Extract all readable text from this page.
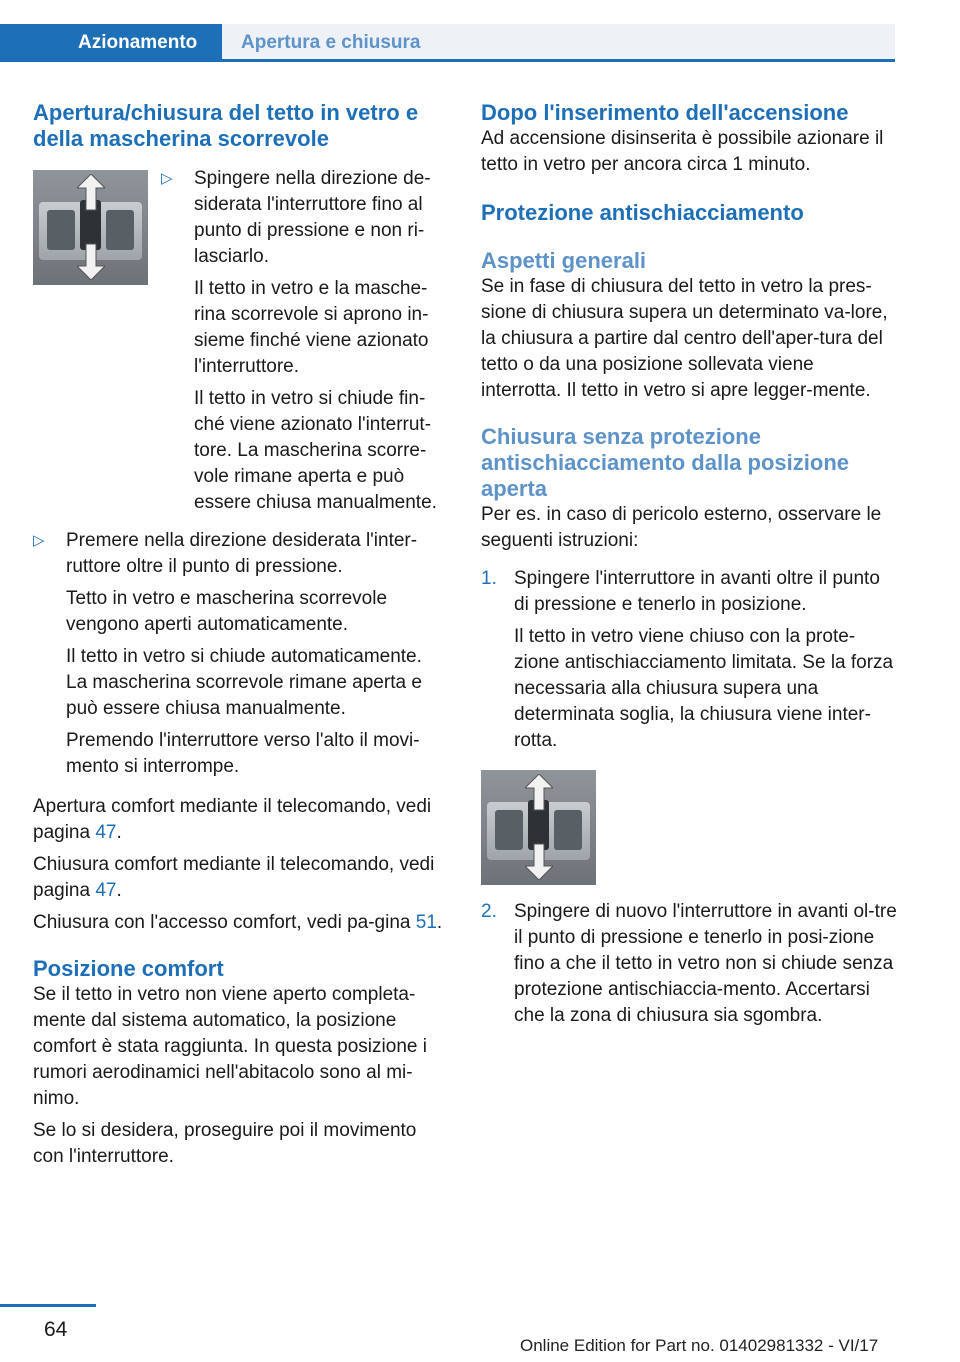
Azionamento	Apertura e chiusura
Apertura/chiusura del tetto in vetro e della mascherina scorrevole
▷ Spingere nella direzione de-siderata l'interruttore fino al punto di pressione e non ri-lasciarlo.

Il tetto in vetro e la masche-rina scorrevole si aprono in-sieme finché viene azionato l'interruttore.

Il tetto in vetro si chiude fin-ché viene azionato l'interrut-tore. La mascherina scorre-vole rimane aperta e può essere chiusa manualmente.

▷ Premere nella direzione desiderata l'inter-ruttore oltre il punto di pressione.

Tetto in vetro e mascherina scorrevole vengono aperti automaticamente.

Il tetto in vetro si chiude automaticamente. La mascherina scorrevole rimane aperta e può essere chiusa manualmente.

Premendo l'interruttore verso l'alto il movi-mento si interrompe.

Apertura comfort mediante il telecomando, vedi pagina 47.

Chiusura comfort mediante il telecomando, vedi pagina 47.

Chiusura con l'accesso comfort, vedi pa-gina 51.

Posizione comfort

Se il tetto in vetro non viene aperto completa-mente dal sistema automatico, la posizione comfort è stata raggiunta. In questa posizione i rumori aerodinamici nell'abitacolo sono al mi-nimo.

Se lo si desidera, proseguire poi il movimento con l'interruttore.

Dopo l'inserimento dell'accensione

Ad accensione disinserita è possibile azionare il tetto in vetro per ancora circa 1 minuto.

Protezione antischiacciamento
Aspetti generali

Se in fase di chiusura del tetto in vetro la pres-sione di chiusura supera un determinato va-lore, la chiusura a partire dal centro dell'aper-tura del tetto o da una posizione sollevata viene interrotta. Il tetto in vetro si apre legger-mente.

Chiusura senza protezione antischiacciamento dalla posizione aperta

Per es. in caso di pericolo esterno, osservare le seguenti istruzioni:

1. Spingere l'interruttore in avanti oltre il punto di pressione e tenerlo in posizione.

Il tetto in vetro viene chiuso con la prote-zione antischiacciamento limitata. Se la forza necessaria alla chiusura supera una determinata soglia, la chiusura viene inter-rotta.

2. Spingere di nuovo l'interruttore in avanti ol-tre il punto di pressione e tenerlo in posi-zione fino a che il tetto in vetro non si chiude senza protezione antischiaccia-mento. Accertarsi che la zona di chiusura sia sgombra.

64
Online Edition for Part no. 01402981332 - VI/17
